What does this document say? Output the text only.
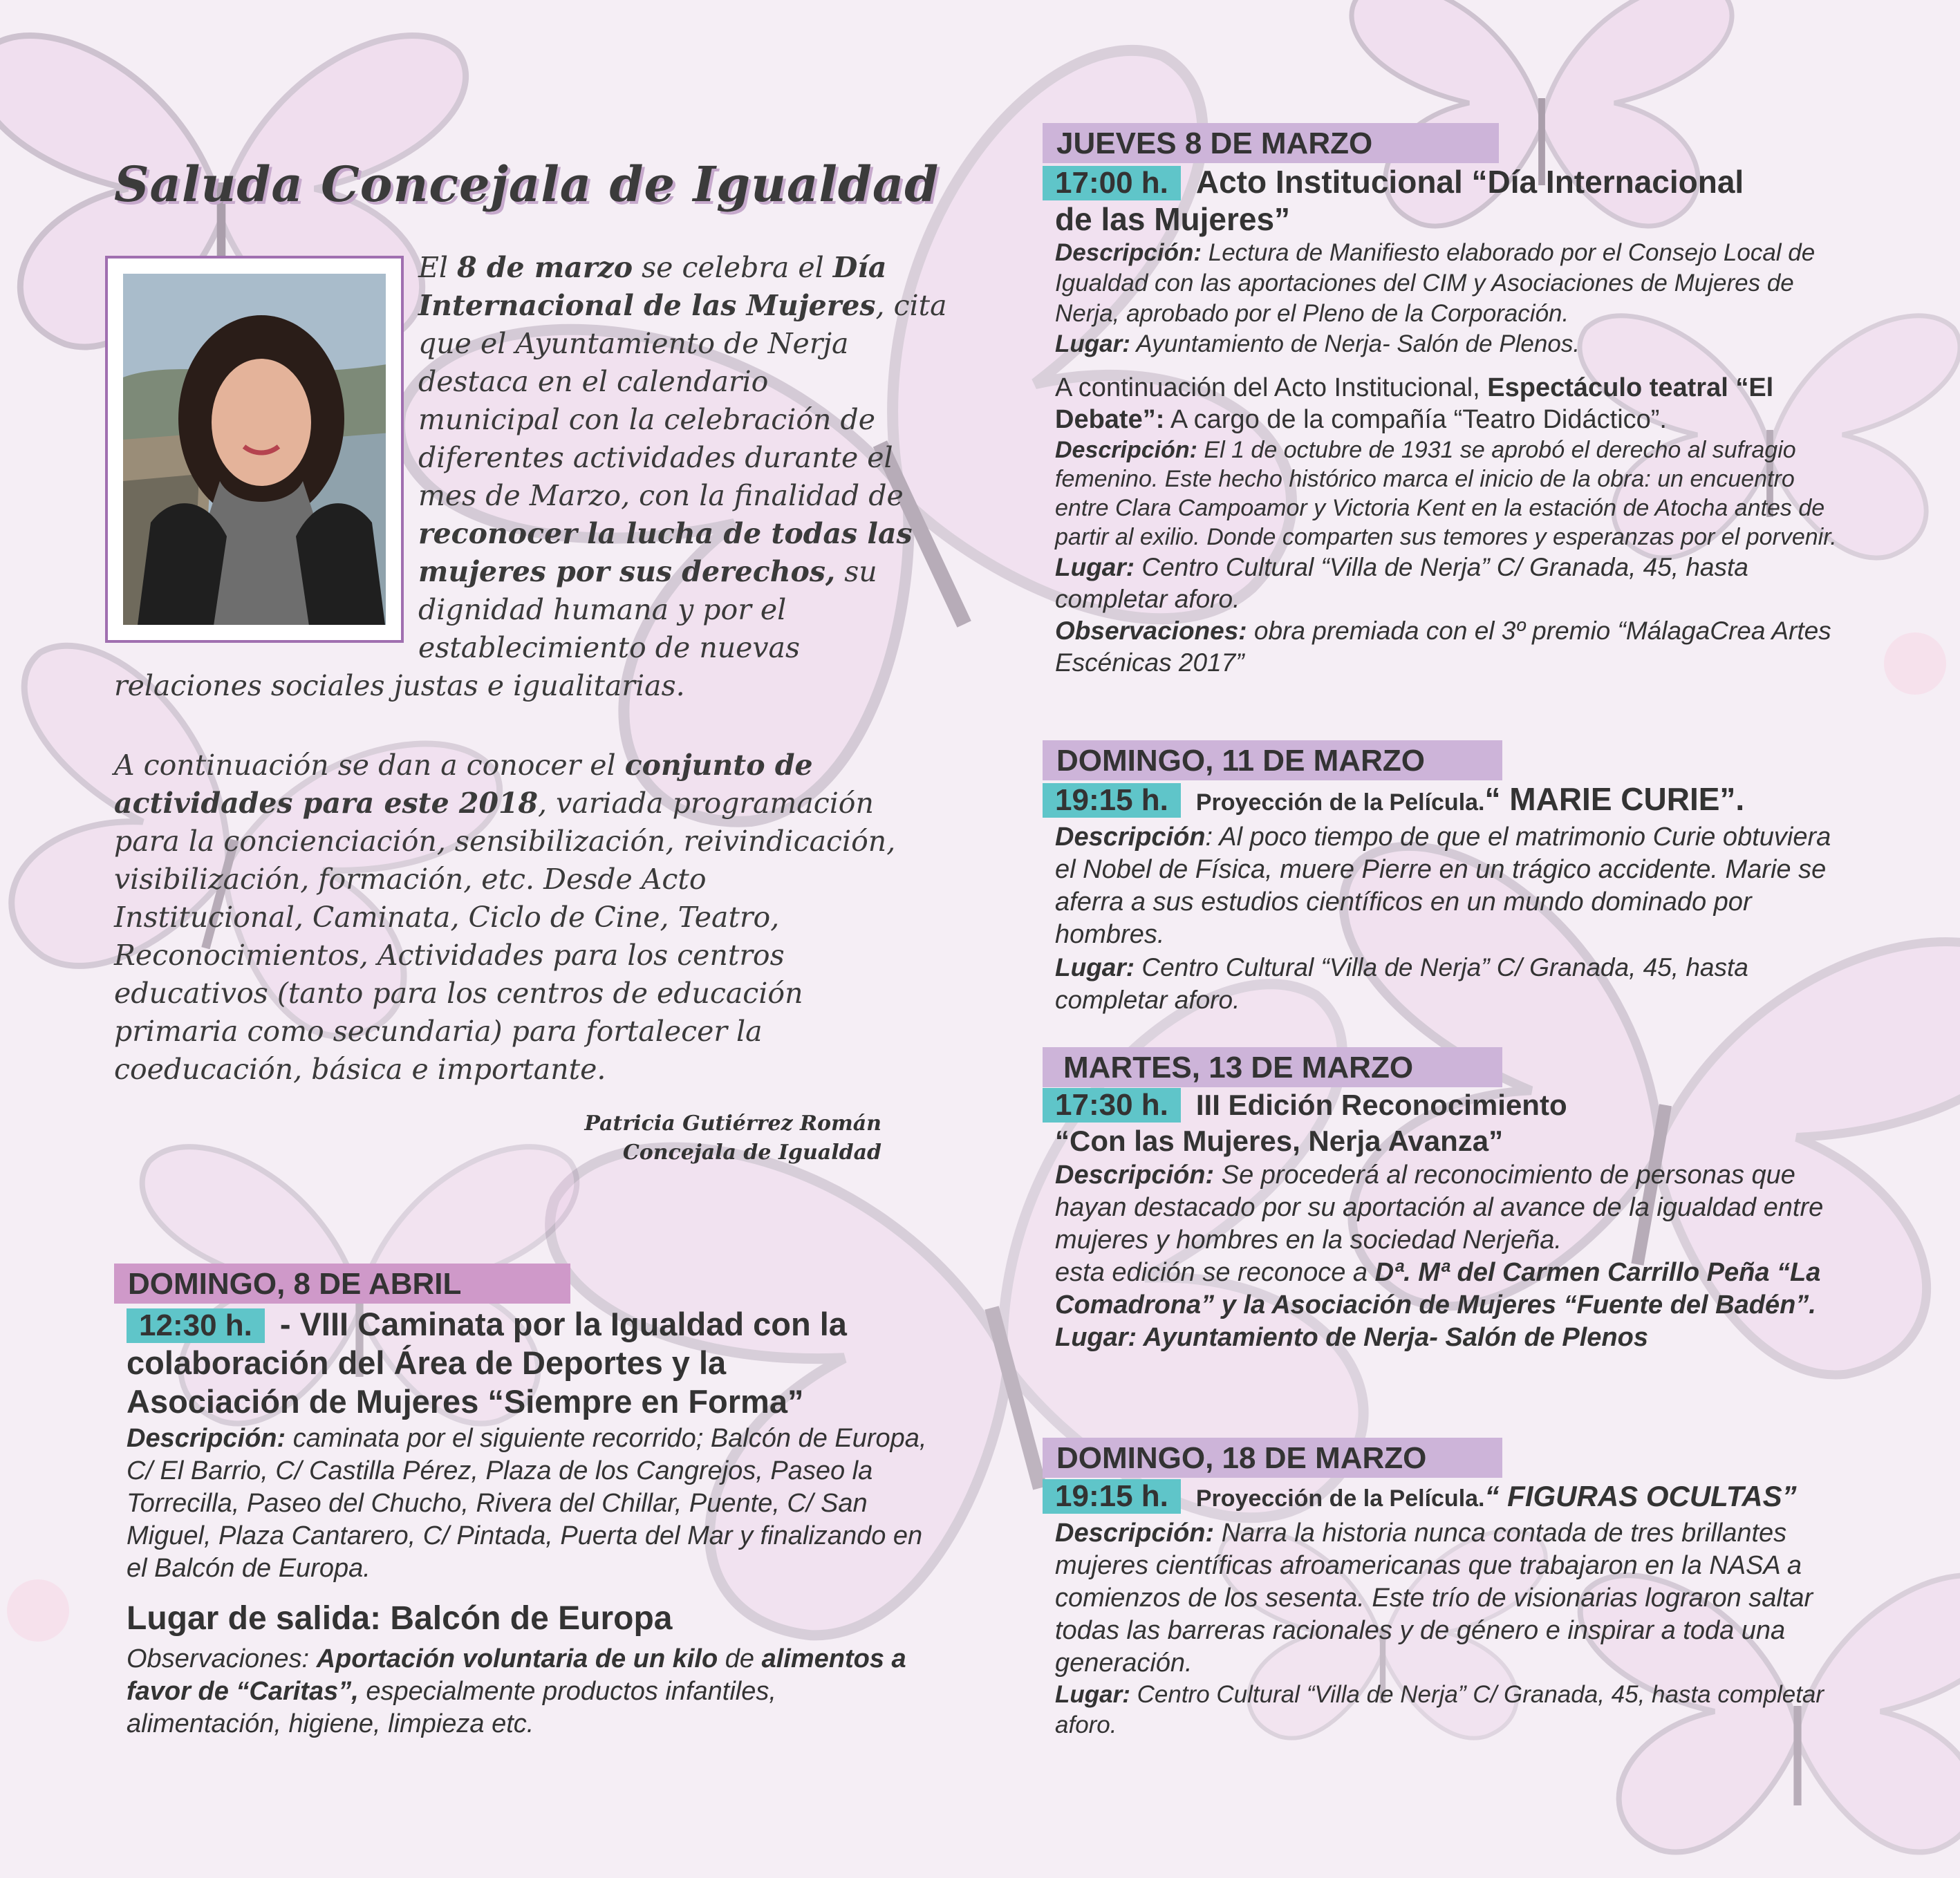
Saluda Concejala de Igualdad
El 8 de marzo se celebra el Día
Internacional de las Mujeres, cita
que el Ayuntamiento de Nerja
destaca en el calendario
municipal con la celebración de
diferentes actividades durante el
mes de Marzo, con la finalidad de
reconocer la lucha de todas las
mujeres por sus derechos, su
dignidad humana y por el
establecimiento de nuevas
relaciones sociales justas e igualitarias.
A continuación se dan a conocer el conjunto de actividades para este 2018, variada programación para la concienciación, sensibilización, reivindicación, visibilización, formación, etc. Desde Acto Institucional, Caminata, Ciclo de Cine, Teatro, Reconocimientos, Actividades para los centros educativos (tanto para los centros de educación primaria como secundaria) para fortalecer la coeducación, básica e importante.
Patricia Gutiérrez Román
Concejala de Igualdad
DOMINGO, 8 DE ABRIL
12:30 h. - VIII Caminata por la Igualdad con la
colaboración del Área de Deportes y la
Asociación de Mujeres “Siempre en Forma”
Descripción: caminata por el siguiente recorrido; Balcón de Europa, C/ El Barrio, C/ Castilla Pérez, Plaza de los Cangrejos, Paseo la Torrecilla, Paseo del Chucho, Rivera del Chillar, Puente, C/ San Miguel, Plaza Cantarero, C/ Pintada, Puerta del Mar y finalizando en el Balcón de Europa.
Lugar de salida: Balcón de Europa
Observaciones: Aportación voluntaria de un kilo de alimentos a favor de “Caritas”, especialmente productos infantiles, alimentación, higiene, limpieza etc.
JUEVES 8 DE MARZO
17:00 h. Acto Institucional “Día Internacional
de las Mujeres”
Descripción: Lectura de Manifiesto elaborado por el Consejo Local de Igualdad con las aportaciones del CIM y Asociaciones de Mujeres de Nerja, aprobado por el Pleno de la Corporación.
Lugar: Ayuntamiento de Nerja- Salón de Plenos.
A continuación del Acto Institucional, Espectáculo teatral “El Debate”: A cargo de la compañía “Teatro Didáctico”.
Descripción: El 1 de octubre de 1931 se aprobó el derecho al sufragio femenino. Este hecho histórico marca el inicio de la obra: un encuentro entre Clara Campoamor y Victoria Kent en la estación de Atocha antes de partir al exilio. Donde comparten sus temores y esperanzas por el porvenir.
Lugar: Centro Cultural “Villa de Nerja” C/ Granada, 45, hasta completar aforo.
Observaciones: obra premiada con el 3º premio “MálagaCrea Artes Escénicas 2017”
DOMINGO, 11 DE MARZO
19:15 h. Proyección de la Película.“ MARIE CURIE”.
Descripción: Al poco tiempo de que el matrimonio Curie obtuviera el Nobel de Física, muere Pierre en un trágico accidente. Marie se aferra a sus estudios científicos en un mundo dominado por hombres.
Lugar: Centro Cultural “Villa de Nerja” C/ Granada, 45, hasta completar aforo.
MARTES, 13 DE MARZO
17:30 h. III Edición Reconocimiento
“Con las Mujeres, Nerja Avanza”
Descripción: Se procederá al reconocimiento de personas que hayan destacado por su aportación al avance de la igualdad entre mujeres y hombres en la sociedad Nerjeña.
esta edición se reconoce a Dª. Mª del Carmen Carrillo Peña “La Comadrona” y la Asociación de Mujeres “Fuente del Badén”.
Lugar: Ayuntamiento de Nerja- Salón de Plenos
DOMINGO, 18 DE MARZO
19:15 h. Proyección de la Película.“ FIGURAS OCULTAS”
Descripción: Narra la historia nunca contada de tres brillantes mujeres científicas afroamericanas que trabajaron en la NASA a comienzos de los sesenta. Este trío de visionarias lograron saltar todas las barreras racionales y de género e inspirar a toda una generación.
Lugar: Centro Cultural “Villa de Nerja” C/ Granada, 45, hasta completar aforo.
